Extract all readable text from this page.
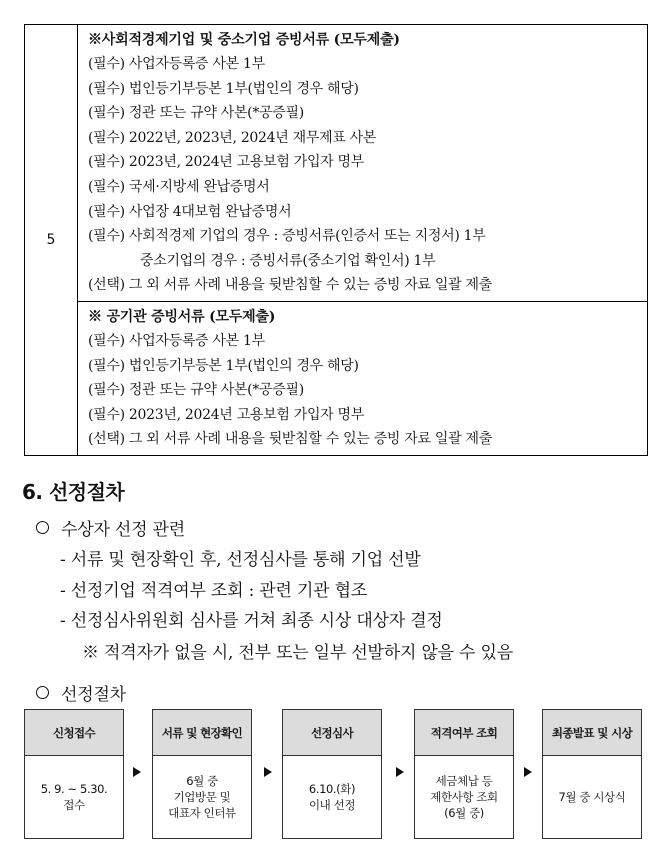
5	
※사회적경제기업 및 중소기업 증빙서류 (모두제출)
(필수) 사업자등록증 사본 1부
(필수) 법인등기부등본 1부(법인의 경우 해당)
(필수) 정관 또는 규약 사본(*공증필)
(필수) 2022년, 2023년, 2024년 재무제표 사본
(필수) 2023년, 2024년 고용보험 가입자 명부
(필수) 국세·지방세 완납증명서
(필수) 사업장 4대보험 완납증명서
(필수) 사회적경제 기업의 경우 : 증빙서류(인증서 또는 지정서) 1부
중소기업의 경우 : 증빙서류(중소기업 확인서) 1부
(선택) 그 외 서류 사례 내용을 뒷받침할 수 있는 증빙 자료 일괄 제출

※ 공기관 증빙서류 (모두제출)
(필수) 사업자등록증 사본 1부
(필수) 법인등기부등본 1부(법인의 경우 해당)
(필수) 정관 또는 규약 사본(*공증필)
(필수) 2023년, 2024년 고용보험 가입자 명부
(선택) 그 외 서류 사례 내용을 뒷받침할 수 있는 증빙 자료 일괄 제출
6. 선정절차
수상자 선정 관련
- 서류 및 현장확인 후, 선정심사를 통해 기업 선발
- 선정기업 적격여부 조회 : 관련 기관 협조
- 선정심사위원회 심사를 거쳐 최종 시상 대상자 결정
※ 적격자가 없을 시, 전부 또는 일부 선발하지 않을 수 있음
선정절차
신청접수
5. 9. ~ 5.30.
접수
서류 및 현장확인
6월 중
기업방문 및
대표자 인터뷰
선정심사
6.10.(화)
이내 선정
적격여부 조회
세금체납 등
제한사항 조회
(6월 중)
최종발표 및 시상
7월 중 시상식
